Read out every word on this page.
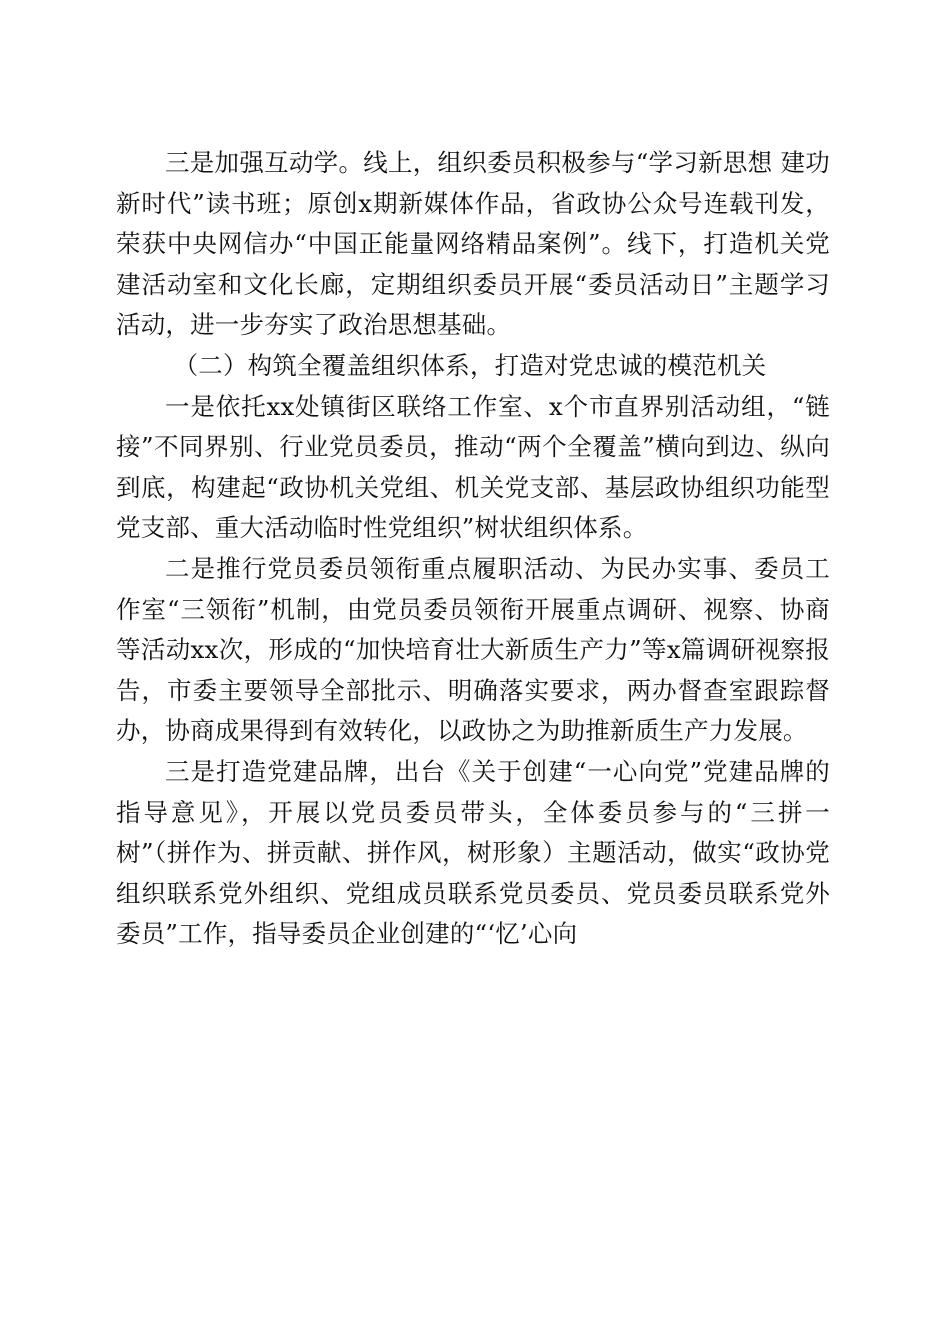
三是加强互动学。线上，组织委员积极参与“学习新思想 建功新时代”读书班；原创x期新媒体作品，省政协公众号连载刊发，荣获中央网信办“中国正能量网络精品案例”。线下，打造机关党建活动室和文化长廊，定期组织委员开展“委员活动日”主题学习活动，进一步夯实了政治思想基础。

（二）构筑全覆盖组织体系，打造对党忠诚的模范机关

一是依托xx处镇街区联络工作室、x个市直界别活动组，“链接”不同界别、行业党员委员，推动“两个全覆盖”横向到边、纵向到底，构建起“政协机关党组、机关党支部、基层政协组织功能型党支部、重大活动临时性党组织”树状组织体系。

二是推行党员委员领衔重点履职活动、为民办实事、委员工作室“三领衔”机制，由党员委员领衔开展重点调研、视察、协商等活动xx次，形成的“加快培育壮大新质生产力”等x篇调研视察报告，市委主要领导全部批示、明确落实要求，两办督查室跟踪督办，协商成果得到有效转化，以政协之为助推新质生产力发展。

三是打造党建品牌，出台《关于创建“一心向党”党建品牌的指导意见》，开展以党员委员带头，全体委员参与的“三拼一树”（拼作为、拼贡献、拼作风，树形象）主题活动，做实“政协党组织联系党外组织、党组成员联系党员委员、党员委员联系党外委员”工作，指导委员企业创建的“‘忆’心向
